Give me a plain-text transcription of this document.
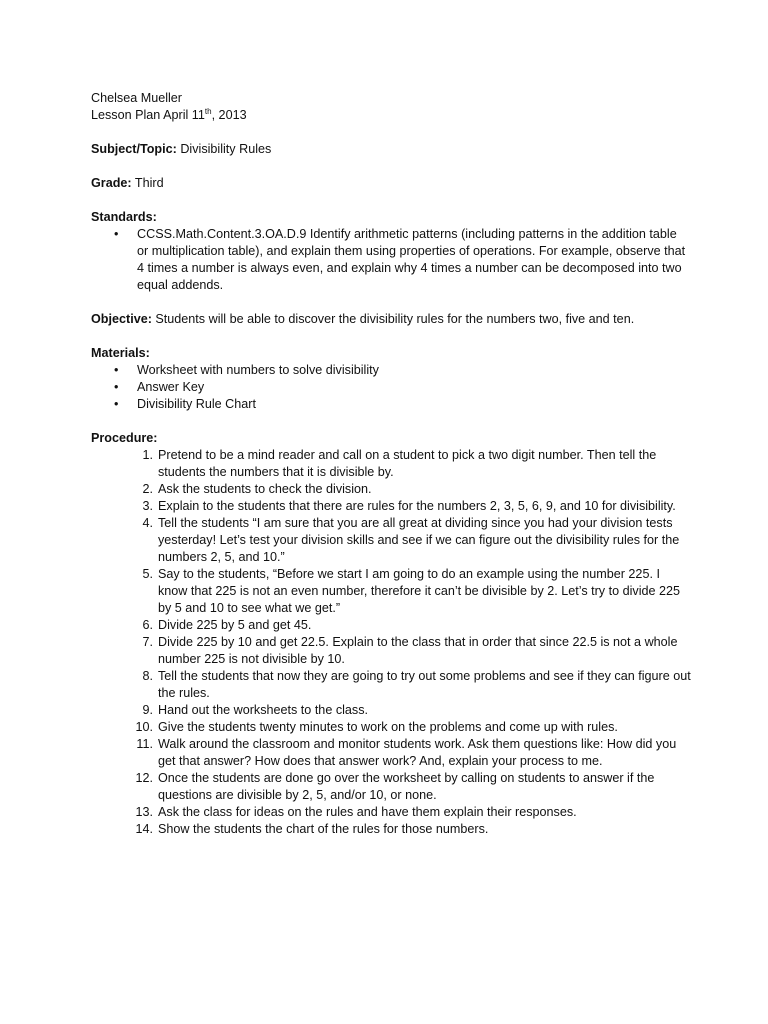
Chelsea Mueller

Lesson Plan April 11th, 2013

Subject/Topic: Divisibility Rules

Grade: Third

Standards:

• CCSS.Math.Content.3.OA.D.9 Identify arithmetic patterns (including patterns in the addition table or multiplication table), and explain them using properties of operations. For example, observe that 4 times a number is always even, and explain why 4 times a number can be decomposed into two equal addends.

Objective: Students will be able to discover the divisibility rules for the numbers two, five and ten.

Materials:

• Worksheet with numbers to solve divisibility
• Answer Key
• Divisibility Rule Chart

Procedure:

1. Pretend to be a mind reader and call on a student to pick a two digit number. Then tell the students the numbers that it is divisible by.
2. Ask the students to check the division.
3. Explain to the students that there are rules for the numbers 2, 3, 5, 6, 9, and 10 for divisibility.
4. Tell the students “I am sure that you are all great at dividing since you had your division tests yesterday! Let’s test your division skills and see if we can figure out the divisibility rules for the numbers 2, 5, and 10.”
5. Say to the students, “Before we start I am going to do an example using the number 225. I know that 225 is not an even number, therefore it can’t be divisible by 2. Let’s try to divide 225 by 5 and 10 to see what we get.”
6. Divide 225 by 5 and get 45.
7. Divide 225 by 10 and get 22.5. Explain to the class that in order that since 22.5 is not a whole number 225 is not divisible by 10.
8. Tell the students that now they are going to try out some problems and see if they can figure out the rules.
9. Hand out the worksheets to the class.
10. Give the students twenty minutes to work on the problems and come up with rules.
11. Walk around the classroom and monitor students work. Ask them questions like: How did you get that answer? How does that answer work? And, explain your process to me.
12. Once the students are done go over the worksheet by calling on students to answer if the questions are divisible by 2, 5, and/or 10, or none.
13. Ask the class for ideas on the rules and have them explain their responses.
14. Show the students the chart of the rules for those numbers.
